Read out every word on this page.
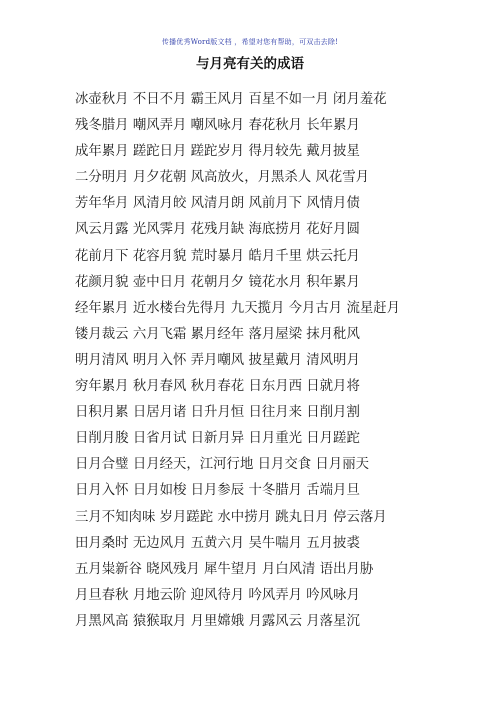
传播优秀Word版文档 ，希望对您有帮助，可双击去除!
与月亮有关的成语
冰壶秋月 不日不月 霸王风月 百星不如一月 闭月羞花
残冬腊月 嘲风弄月 嘲风咏月 春花秋月 长年累月
成年累月 蹉跎日月 蹉跎岁月 得月较先 戴月披星
二分明月 月夕花朝 风高放火，月黑杀人 风花雪月
芳年华月 风清月皎 风清月朗 风前月下 风情月债
风云月露 光风霁月 花残月缺 海底捞月 花好月圆
花前月下 花容月貌 荒时暴月 皓月千里 烘云托月
花颜月貌 壶中日月 花朝月夕 镜花水月 积年累月
经年累月 近水楼台先得月 九天揽月 今月古月 流星赶月
镂月裁云 六月飞霜 累月经年 落月屋梁 抹月秕风
明月清风 明月入怀 弄月嘲风 披星戴月 清风明月
穷年累月 秋月春风 秋月春花 日东月西 日就月将
日积月累 日居月诸 日升月恒 日往月来 日削月割
日削月朘 日省月试 日新月异 日月重光 日月蹉跎
日月合璧 日月经天，江河行地 日月交食 日月丽天
日月入怀 日月如梭 日月参辰 十冬腊月 舌端月旦
三月不知肉味 岁月蹉跎 水中捞月 跳丸日月 停云落月
田月桑时 无边风月 五黄六月 吴牛喘月 五月披裘
五月粜新谷 晓风残月 犀牛望月 月白风清 语出月胁
月旦春秋 月地云阶 迎风待月 吟风弄月 吟风咏月
月黑风高 猿猴取月 月里嫦娥 月露风云 月落星沉
